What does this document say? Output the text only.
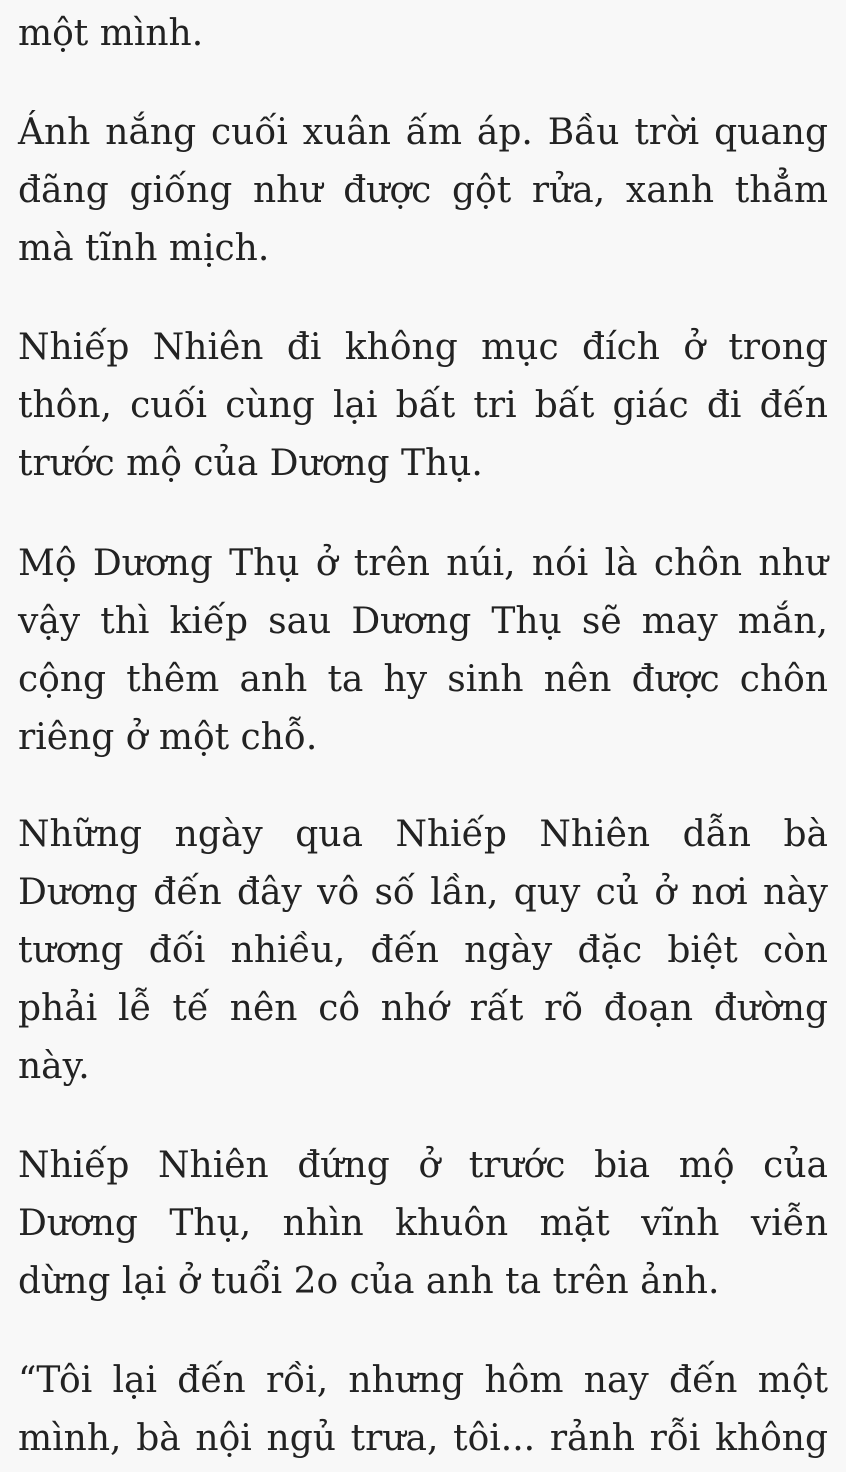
một mình.
Ánh nắng cuối xuân ấm áp. Bầu trời quang
đãng giống như được gột rửa, xanh thẳm
mà tĩnh mịch.
Nhiếp Nhiên đi không mục đích ở trong
thôn, cuối cùng lại bất tri bất giác đi đến
trước mộ của Dương Thụ.
Mộ Dương Thụ ở trên núi, nói là chôn như
vậy thì kiếp sau Dương Thụ sẽ may mắn,
cộng thêm anh ta hy sinh nên được chôn
riêng ở một chỗ.
Những ngày qua Nhiếp Nhiên dẫn bà
Dương đến đây vô số lần, quy củ ở nơi này
tương đối nhiều, đến ngày đặc biệt còn
phải lễ tế nên cô nhớ rất rõ đoạn đường
này.
Nhiếp Nhiên đứng ở trước bia mộ của
Dương Thụ, nhìn khuôn mặt vĩnh viễn
dừng lại ở tuổi 2o của anh ta trên ảnh.
“Tôi lại đến rồi, nhưng hôm nay đến một
mình, bà nội ngủ trưa, tôi... rảnh rỗi không
